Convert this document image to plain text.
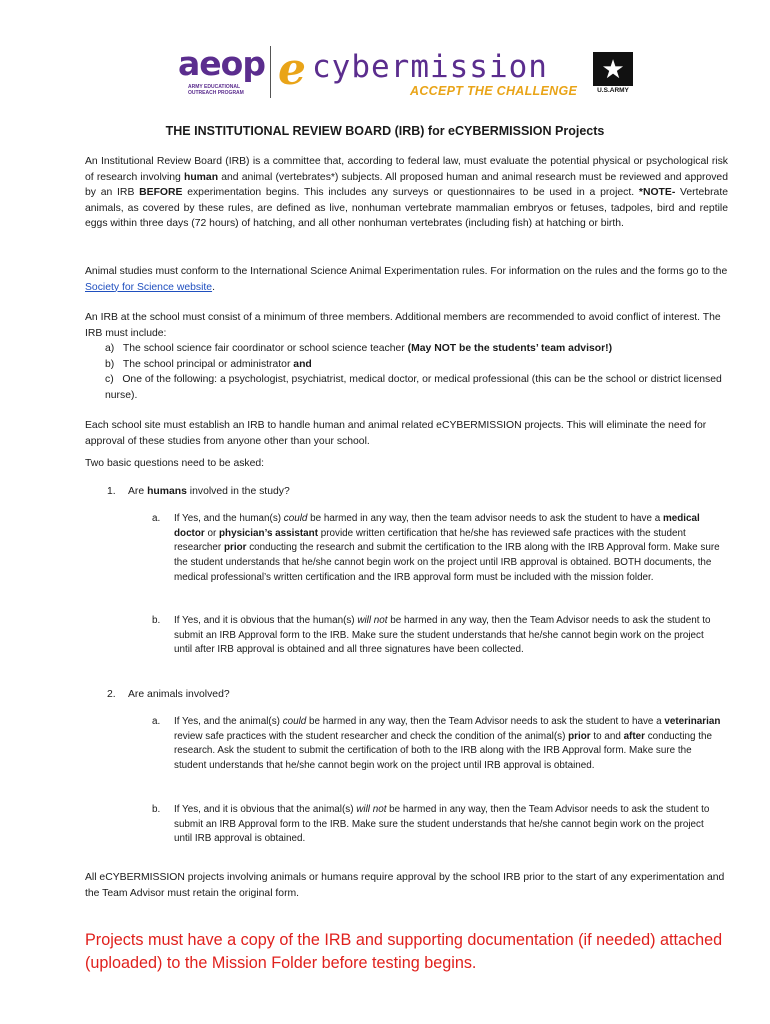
aeop
ARMY EDUCATIONAL OUTREACH PROGRAM e cybermission
ACCEPT THE CHALLENGE
★
U.S.ARMY
THE INSTITUTIONAL REVIEW BOARD (IRB) for eCYBERMISSION Projects

An Institutional Review Board (IRB) is a committee that, according to federal law, must evaluate the potential physical or psychological risk of research involving human and animal (vertebrates*) subjects. All proposed human and animal research must be reviewed and approved by an IRB BEFORE experimentation begins. This includes any surveys or questionnaires to be used in a project. *NOTE- Vertebrate animals, as covered by these rules, are defined as live, nonhuman vertebrate mammalian embryos or fetuses, tadpoles, bird and reptile eggs within three days (72 hours) of hatching, and all other nonhuman vertebrates (including fish) at hatching or birth.

Animal studies must conform to the International Science Animal Experimentation rules. For information on the rules and the forms go to the Society for Science website.

An IRB at the school must consist of a minimum of three members. Additional members are recommended to avoid conflict of interest. The IRB must include:
a) The school science fair coordinator or school science teacher (May NOT be the students’ team advisor!)
b) The school principal or administrator and
c) One of the following: a psychologist, psychiatrist, medical doctor, or medical professional (this can be the school or district licensed nurse).

Each school site must establish an IRB to handle human and animal related eCYBERMISSION projects. This will eliminate the need for approval of these studies from anyone other than your school.

Two basic questions need to be asked:

1. Are humans involved in the study?

a.	If Yes, and the human(s) could be harmed in any way, then the team advisor needs to ask the student to have a medical doctor or physician’s assistant provide written certification that he/she has reviewed safe practices with the student researcher prior conducting the research and submit the certification to the IRB along with the IRB Approval form. Make sure the student understands that he/she cannot begin work on the project until IRB approval is obtained. BOTH documents, the medical professional’s written certification and the IRB approval form must be included with the mission folder.
b.	If Yes, and it is obvious that the human(s) will not be harmed in any way, then the Team Advisor needs to ask the student to submit an IRB Approval form to the IRB. Make sure the student understands that he/she cannot begin work on the project until after IRB approval is obtained and all three signatures have been collected.

2. Are animals involved?

a.	If Yes, and the animal(s) could be harmed in any way, then the Team Advisor needs to ask the student to have a veterinarian review safe practices with the student researcher and check the condition of the animal(s) prior to and after conducting the research. Ask the student to submit the certification of both to the IRB along with the IRB Approval form. Make sure the student understands that he/she cannot begin work on the project until IRB approval is obtained.
b.	If Yes, and it is obvious that the animal(s) will not be harmed in any way, then the Team Advisor needs to ask the student to submit an IRB Approval form to the IRB. Make sure the student understands that he/she cannot begin work on the project until IRB approval is obtained.

All eCYBERMISSION projects involving animals or humans require approval by the school IRB prior to the start of any experimentation and the Team Advisor must retain the original form.

Projects must have a copy of the IRB and supporting documentation (if needed) attached (uploaded) to the Mission Folder before testing begins.
